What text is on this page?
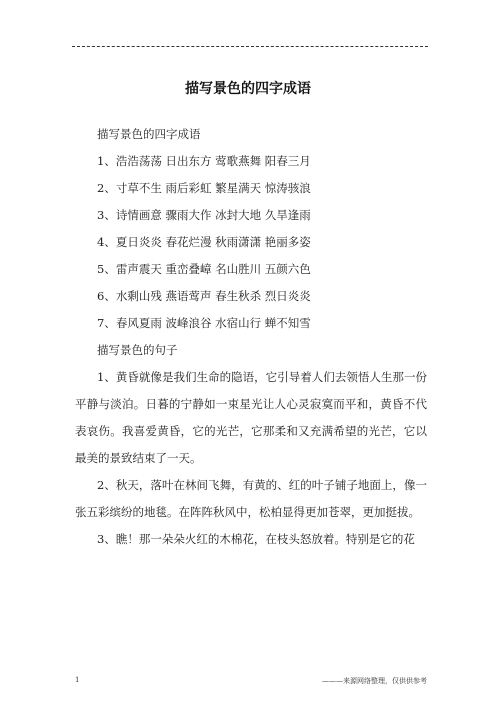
描写景色的四字成语
描写景色的四字成语
1、浩浩荡荡 日出东方 莺歌燕舞 阳春三月
2、寸草不生 雨后彩虹 繁星满天 惊涛骇浪
3、诗情画意 骤雨大作 冰封大地 久旱逢雨
4、夏日炎炎 春花烂漫 秋雨潇潇 艳丽多姿
5、雷声震天 重峦叠嶂 名山胜川 五颜六色
6、水剩山残 燕语莺声 春生秋杀 烈日炎炎
7、春风夏雨 波峰浪谷 水宿山行 蝉不知雪
描写景色的句子

1、黄昏就像是我们生命的隐语，它引导着人们去领悟人生那一份平静与淡泊。日暮的宁静如一束星光让人心灵寂寞而平和，黄昏不代表哀伤。我喜爱黄昏，它的光芒，它那柔和又充满希望的光芒，它以最美的景致结束了一天。

2、秋天，落叶在林间飞舞，有黄的、红的叶子铺子地面上，像一张五彩缤纷的地毯。在阵阵秋风中，松柏显得更加苍翠，更加挺拔。

3、瞧！那一朵朵火红的木棉花，在枝头怒放着。特别是它的花

1	———来源网络整理，仅供供参考
